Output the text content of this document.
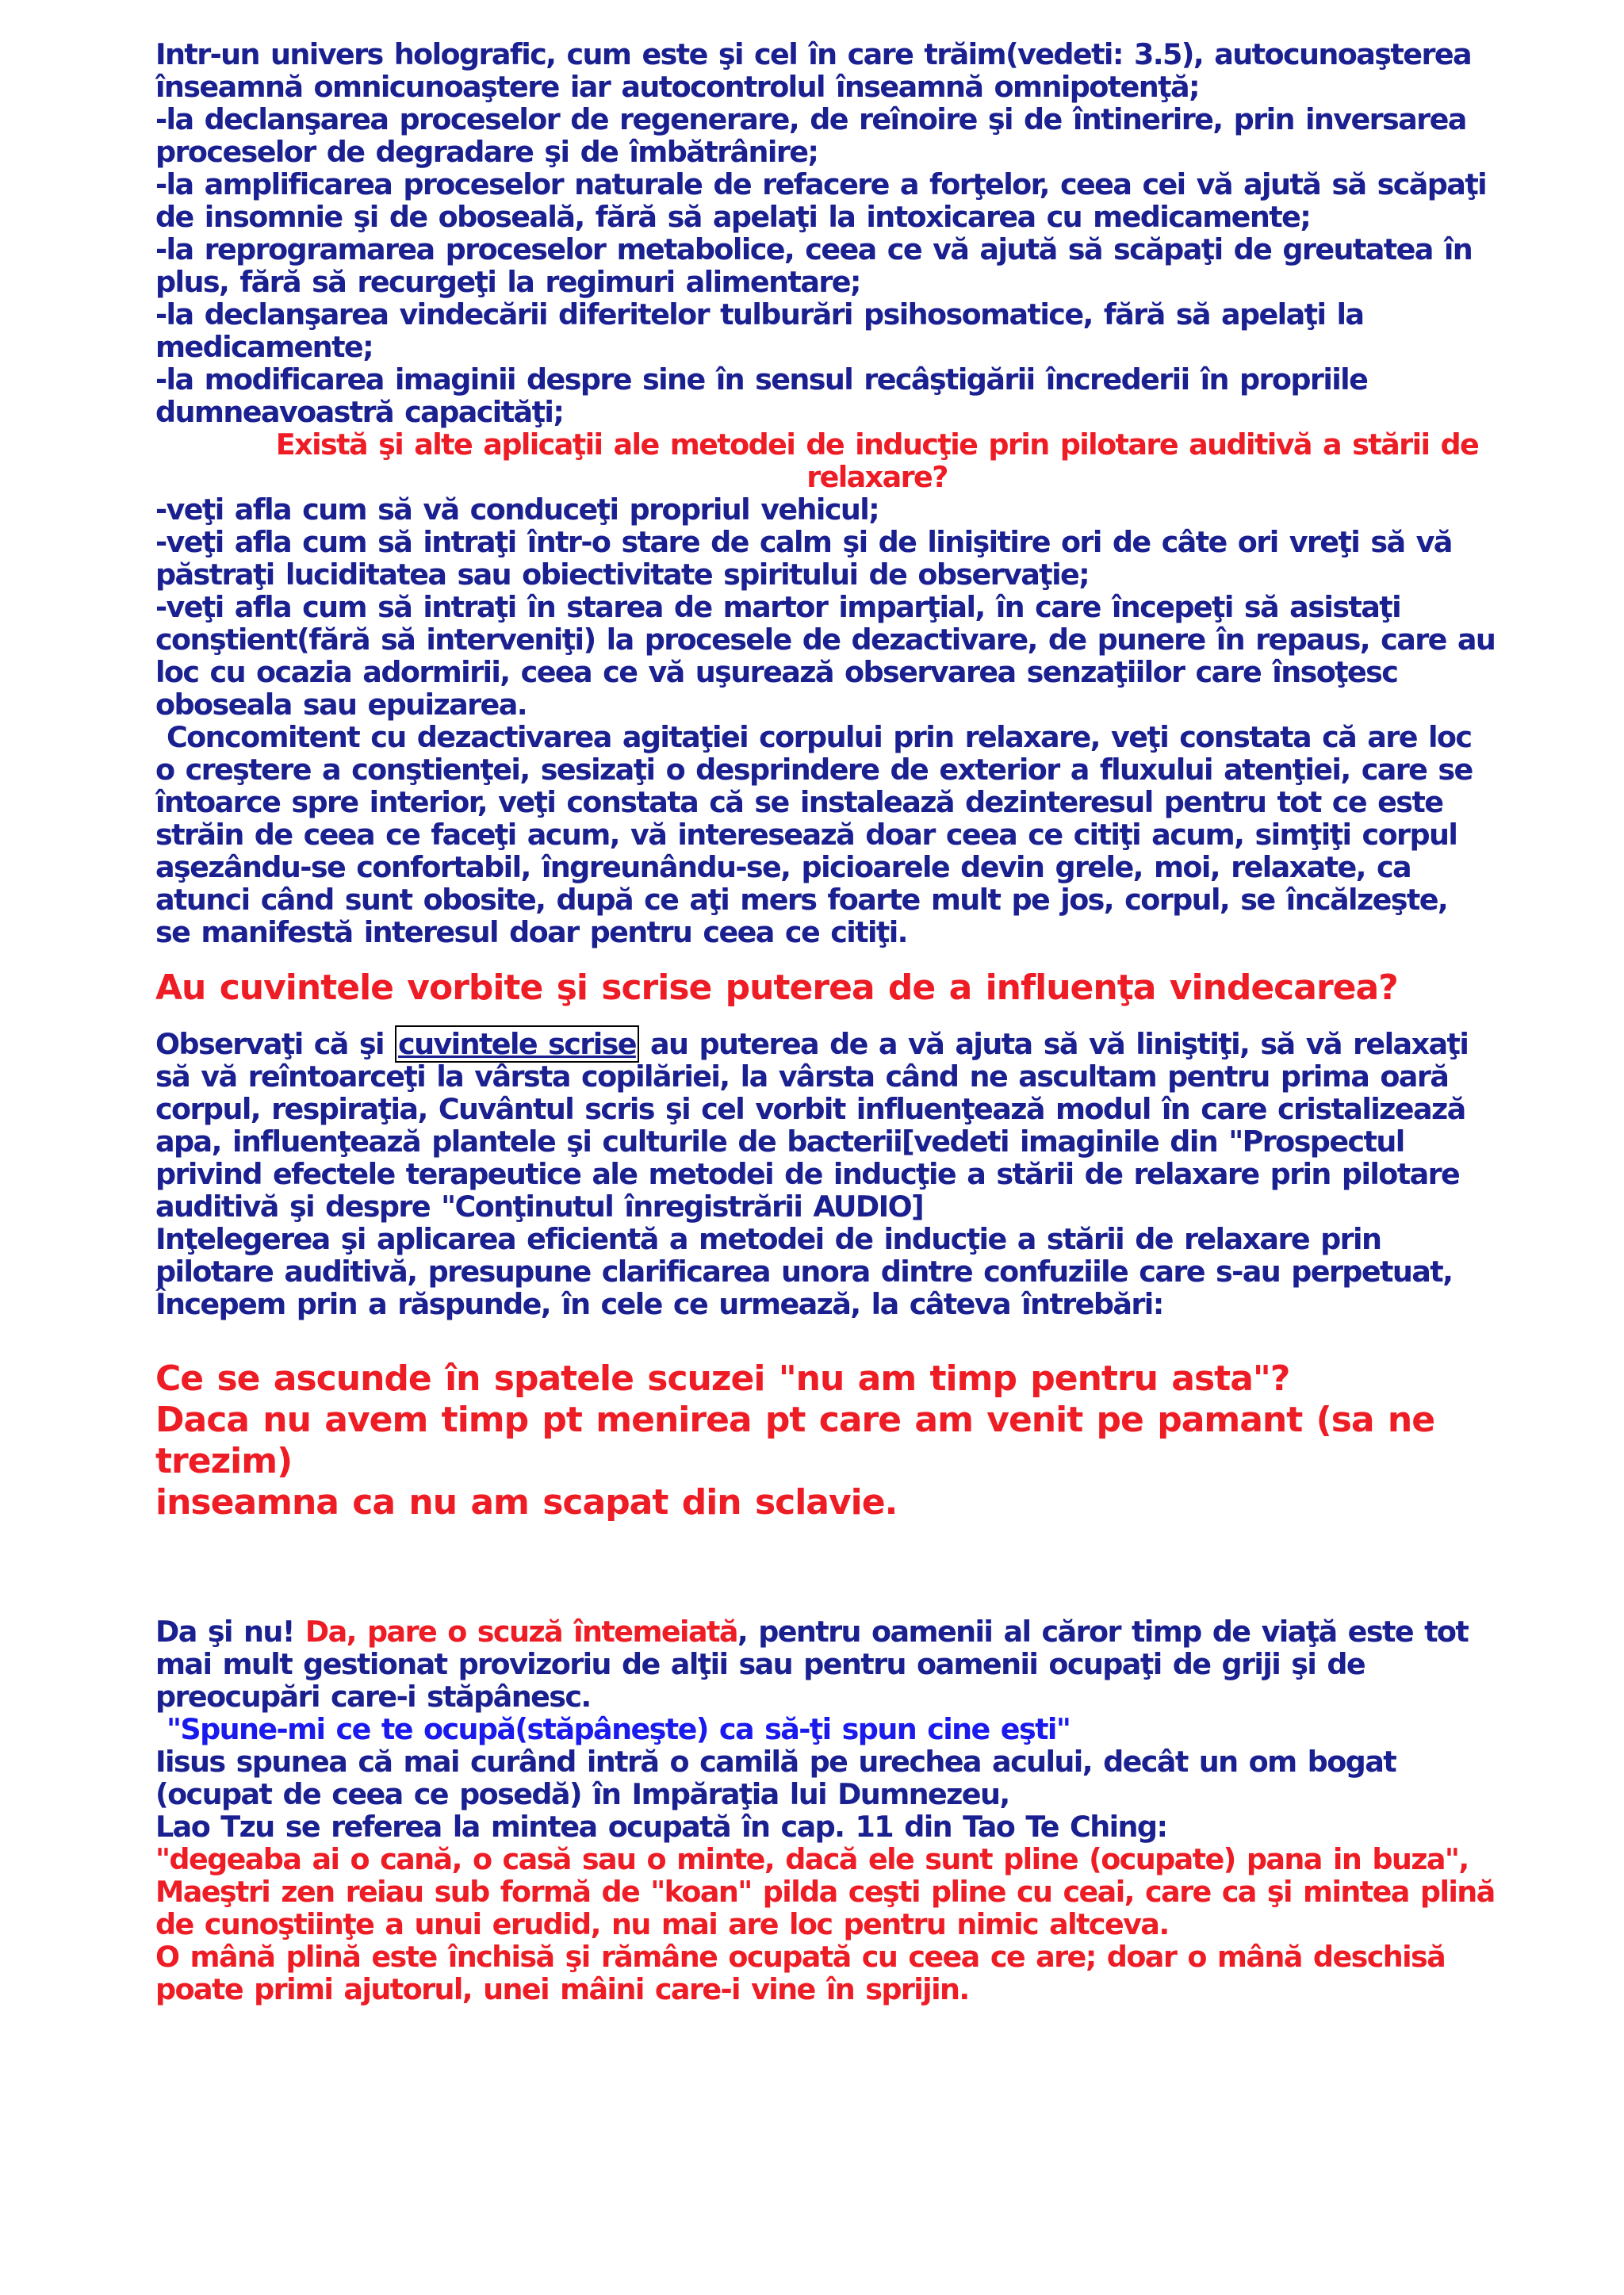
Intr-un univers holografic, cum este şi cel în care trăim(vedeti: 3.5), autocunoaşterea
înseamnă omnicunoaştere iar autocontrolul înseamnă omnipotenţă;
-la declanşarea proceselor de regenerare, de reînoire şi de întinerire, prin inversarea
proceselor de degradare şi de îmbătrânire;
-la amplificarea proceselor naturale de refacere a forţelor, ceea cei vă ajută să scăpaţi
de insomnie şi de oboseală, fără să apelaţi la intoxicarea cu medicamente;
-la reprogramarea proceselor metabolice, ceea ce vă ajută să scăpaţi de greutatea în
plus, fără să recurgeţi la regimuri alimentare;
-la declanşarea vindecării diferitelor tulburări psihosomatice, fără să apelaţi la
medicamente;
-la modificarea imaginii despre sine în sensul recâştigării încrederii în propriile
dumneavoastră capacităţi;
Există şi alte aplicaţii ale metodei de inducţie prin pilotare auditivă a stării de
relaxare?
-veţi afla cum să vă conduceţi propriul vehicul;
-veţi afla cum să intraţi într-o stare de calm şi de linişitire ori de câte ori vreţi să vă
păstraţi luciditatea sau obiectivitate spiritului de observaţie;
-veţi afla cum să intraţi în starea de martor imparţial, în care începeţi să asistaţi
conştient(fără să interveniţi) la procesele de dezactivare, de punere în repaus, care au
loc cu ocazia adormirii, ceea ce vă uşurează observarea senzaţiilor care însoţesc
oboseala sau epuizarea.
Concomitent cu dezactivarea agitaţiei corpului prin relaxare, veţi constata că are loc
o creştere a conştienţei, sesizaţi o desprindere de exterior a fluxului atenţiei, care se
întoarce spre interior, veţi constata că se instalează dezinteresul pentru tot ce este
străin de ceea ce faceţi acum, vă interesează doar ceea ce citiţi acum, simţiţi corpul
aşezându-se confortabil, îngreunându-se, picioarele devin grele, moi, relaxate, ca
atunci când sunt obosite, după ce aţi mers foarte mult pe jos, corpul, se încălzeşte,
se manifestă interesul doar pentru ceea ce citiţi.
Au cuvintele vorbite şi scrise puterea de a influenţa vindecarea?
Observaţi că şi cuvintele scrise au puterea de a vă ajuta să vă liniştiţi, să vă relaxaţi
să vă reîntoarceţi la vârsta copilăriei, la vârsta când ne ascultam pentru prima oară
corpul, respiraţia, Cuvântul scris şi cel vorbit influenţează modul în care cristalizează
apa, influenţează plantele şi culturile de bacterii[vedeti imaginile din "Prospectul
privind efectele terapeutice ale metodei de inducţie a stării de relaxare prin pilotare
auditivă şi despre "Conţinutul înregistrării AUDIO]
Inţelegerea şi aplicarea eficientă a metodei de inducţie a stării de relaxare prin
pilotare auditivă, presupune clarificarea unora dintre confuziile care s-au perpetuat,
Începem prin a răspunde, în cele ce urmează, la câteva întrebări:
Ce se ascunde în spatele scuzei "nu am timp pentru asta"?
Daca nu avem timp pt menirea pt care am venit pe pamant (sa ne trezim)
inseamna ca nu am scapat din sclavie.
Da şi nu! Da, pare o scuză întemeiată, pentru oamenii al căror timp de viaţă este tot
mai mult gestionat provizoriu de alţii sau pentru oamenii ocupaţi de griji şi de
preocupări care-i stăpânesc.
"Spune-mi ce te ocupă(stăpâneşte) ca să-ţi spun cine eşti"
Iisus spunea că mai curând intră o camilă pe urechea acului, decât un om bogat
(ocupat de ceea ce posedă) în Impăraţia lui Dumnezeu,
Lao Tzu se referea la mintea ocupată în cap. 11 din Tao Te Ching:
"degeaba ai o cană, o casă sau o minte, dacă ele sunt pline (ocupate) pana in buza",
Maeştri zen reiau sub formă de "koan" pilda ceşti pline cu ceai, care ca şi mintea plină
de cunoştiinţe a unui erudid, nu mai are loc pentru nimic altceva.
O mână plină este închisă şi rămâne ocupată cu ceea ce are; doar o mână deschisă
poate primi ajutorul, unei mâini care-i vine în sprijin.
